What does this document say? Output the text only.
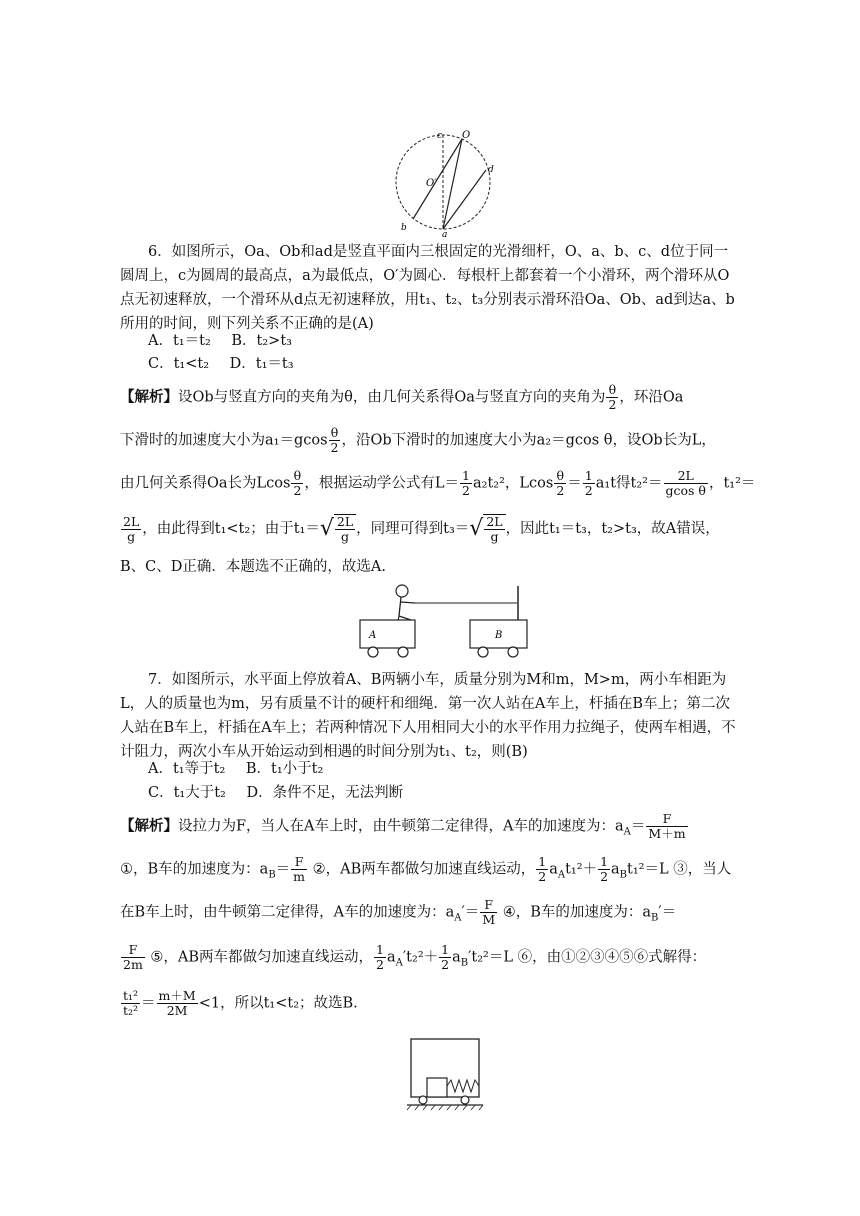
c O
O′
d
b
a

6．如图所示，Oa、Ob和ad是竖直平面内三根固定的光滑细杆，O、a、b、c、d位于同一圆周上，c为圆周的最高点，a为最低点，O′为圆心．每根杆上都套着一个小滑环，两个滑环从O点无初速释放，一个滑环从d点无初速释放，用t₁、t₂、t₃分别表示滑环沿Oa、Ob、ad到达a、b所用的时间，则下列关系不正确的是(A)

A．t₁＝t₂ B．t₂>t₃
C．t₁<t₂ D．t₁＝t₃
【解析】设Ob与竖直方向的夹角为θ，由几何关系得Oa与竖直方向的夹角为 $\frac{\theta}{2}$ ，环沿Oa
下滑时的加速度大小为$a_1=gcos \frac{\theta}{2}$ ，沿Ob下滑时的加速度大小为a₂＝gcos θ，设Ob长为L，
由几何关系得Oa长为Lcos $\frac{\theta}{2}$ ，根据运动学公式有$L= \frac{1}{2} a_2t_2^2$，Lcos $\frac{\theta}{2} = \frac{1}{2} a_1t$得$t_2^2= \frac{2L}{\text{gcos θ}}$ ，t₁²＝
$\frac{2L}{g}$ ，由此得到t₁<t₂；由于$t_1=√ \frac{2L}{g}$ ，同理可得到$t_3=√ \frac{2L}{g}$ ，因此t₁＝t₃，t₂>t₃，故A错误，
B、C、D正确．本题选不正确的，故选A.
A	B

7．如图所示，水平面上停放着A、B两辆小车，质量分别为M和m，M>m，两小车相距为L，人的质量也为m，另有质量不计的硬杆和细绳．第一次人站在A车上，杆插在B车上；第二次人站在B车上，杆插在A车上；若两种情况下人用相同大小的水平作用力拉绳子，使两车相遇，不计阻力，两次小车从开始运动到相遇的时间分别为t₁、t₂，则(B)

A．t₁等于t₂ B．t₁小于t₂
C．t₁大于t₂ D．条件不足，无法判断
【解析】设拉力为F，当人在A车上时，由牛顿第二定律得，A车的加速度为：$a_A= \frac{F}{M+m}$
①，B车的加速度为：$a_B= \frac{F}{m}$ ②，AB两车都做匀加速直线运动， $\frac{1}{2} a_At_1^2+ \frac{1}{2} a_Bt_1^2=L$ ③，当人
在B车上时，由牛顿第二定律得，A车的加速度为：$a_A'= \frac{F}{M}$ ④，B车的加速度为：$a_B'=$
$\frac{F}{2m}$ ⑤，AB两车都做匀加速直线运动， $\frac{1}{2} a_A't_2^2+ \frac{1}{2} a_B't_2^2=L$ ⑥，由①②③④⑤⑥式解得：
$\frac{\text{t₁²}}{\text{t₂²}} = \frac{m+M}{2M} <1$，所以t₁<t₂；故选B.
